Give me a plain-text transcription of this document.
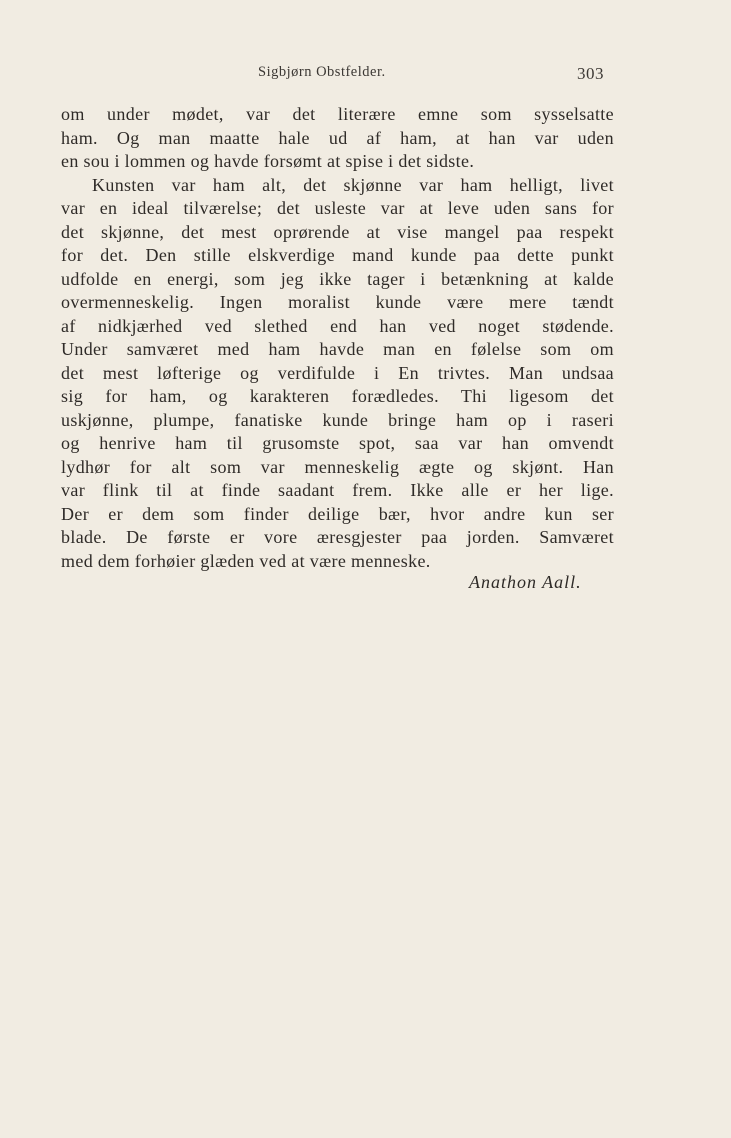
Sigbjørn Obstfelder.	303
om under mødet, var det literære emne som sysselsatte
ham. Og man maatte hale ud af ham, at han var uden
en sou i lommen og havde forsømt at spise i det sidste.
Kunsten var ham alt, det skjønne var ham helligt, livet
var en ideal tilværelse; det usleste var at leve uden sans for
det skjønne, det mest oprørende at vise mangel paa respekt
for det. Den stille elskverdige mand kunde paa dette punkt
udfolde en energi, som jeg ikke tager i betænkning at kalde
overmenneskelig. Ingen moralist kunde være mere tændt
af nidkjærhed ved slethed end han ved noget stødende.
Under samværet med ham havde man en følelse som om
det mest løfterige og verdifulde i En trivtes. Man undsaa
sig for ham, og karakteren forædledes. Thi ligesom det
uskjønne, plumpe, fanatiske kunde bringe ham op i raseri
og henrive ham til grusomste spot, saa var han omvendt
lydhør for alt som var menneskelig ægte og skjønt. Han
var flink til at finde saadant frem. Ikke alle er her lige.
Der er dem som finder deilige bær, hvor andre kun ser
blade. De første er vore æresgjester paa jorden. Samværet
med dem forhøier glæden ved at være menneske.
Anathon Aall.
